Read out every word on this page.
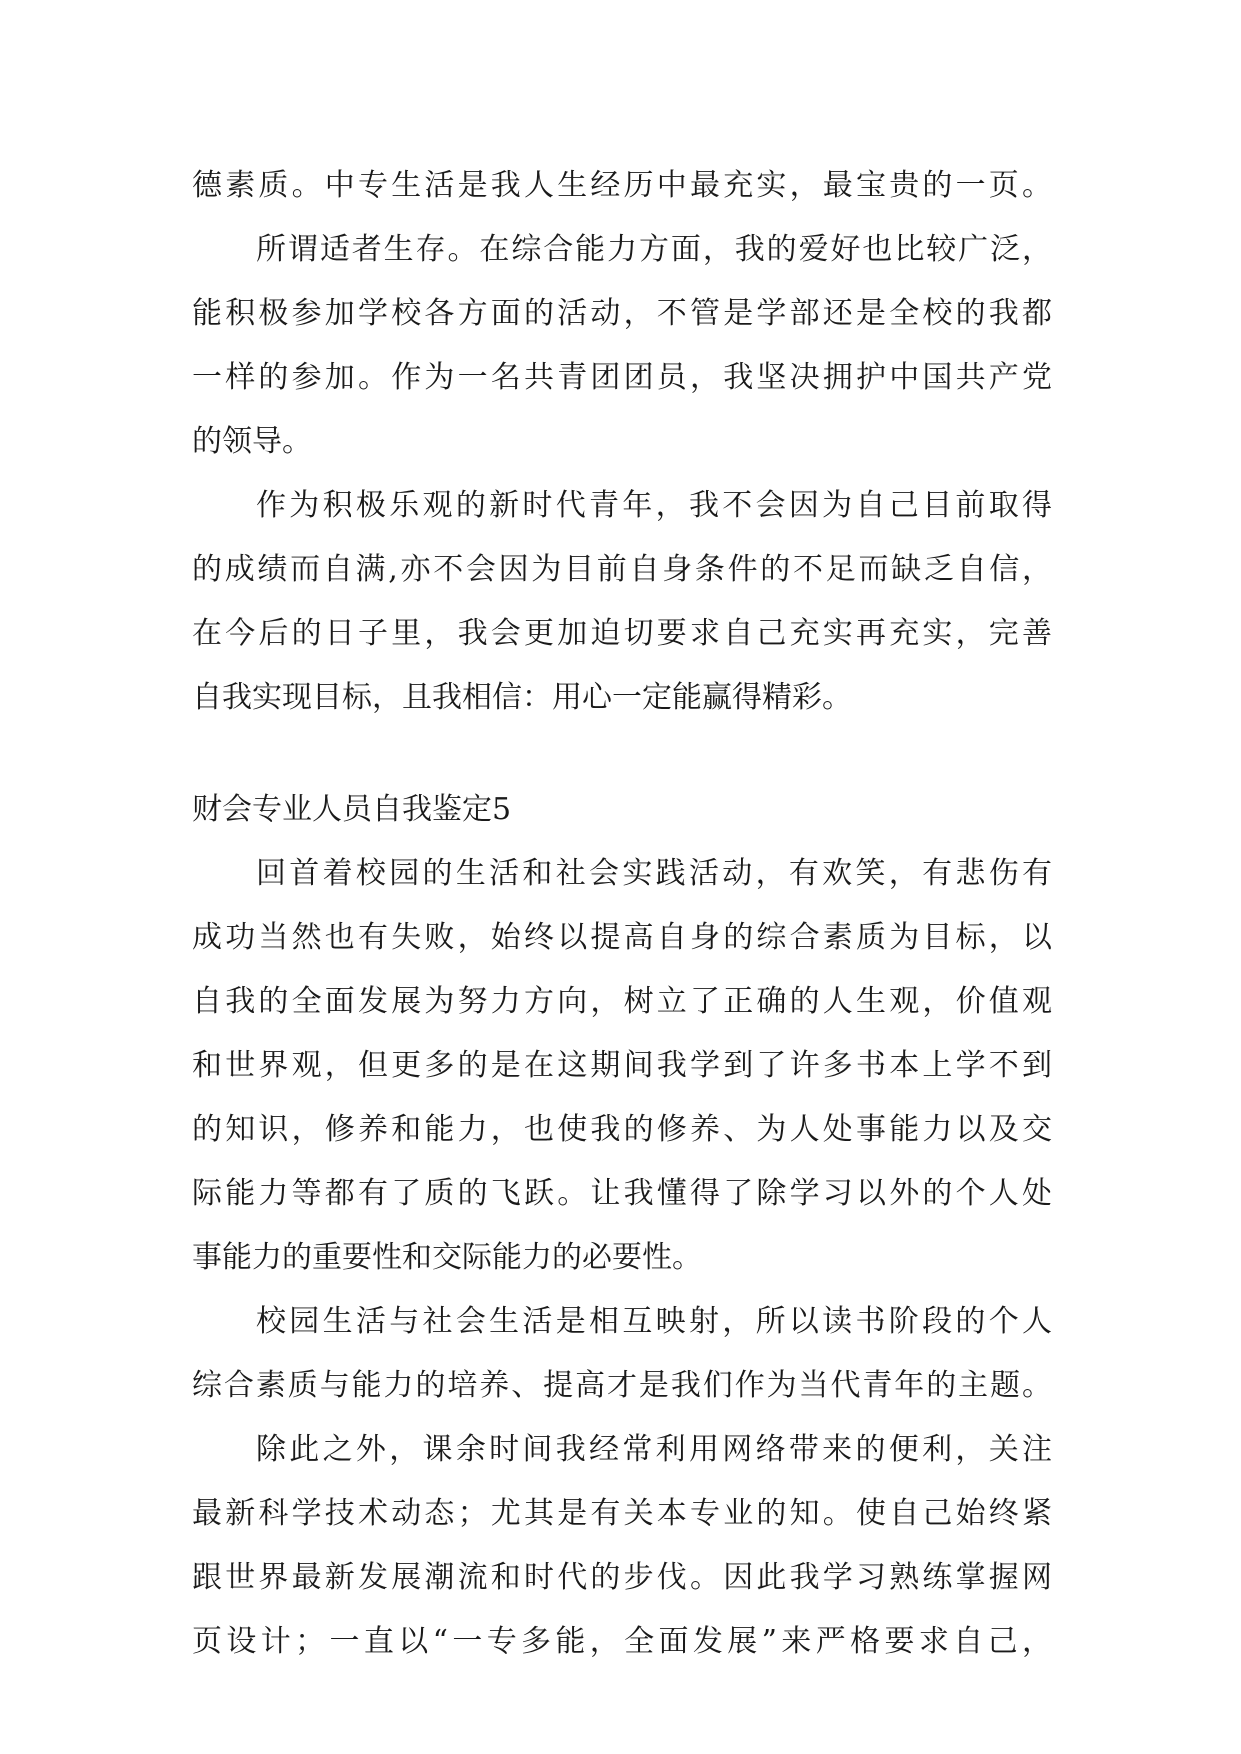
德素质。中专生活是我人生经历中最充实，最宝贵的一页。
所谓适者生存。在综合能力方面，我的爱好也比较广泛，
能积极参加学校各方面的活动，不管是学部还是全校的我都
一样的参加。作为一名共青团团员，我坚决拥护中国共产党
的领导。
作为积极乐观的新时代青年，我不会因为自己目前取得
的成绩而自满,亦不会因为目前自身条件的不足而缺乏自信，
在今后的日子里，我会更加迫切要求自己充实再充实，完善
自我实现目标，且我相信：用心一定能赢得精彩。
财会专业人员自我鉴定5
回首着校园的生活和社会实践活动，有欢笑，有悲伤有
成功当然也有失败，始终以提高自身的综合素质为目标，以
自我的全面发展为努力方向，树立了正确的人生观，价值观
和世界观，但更多的是在这期间我学到了许多书本上学不到
的知识，修养和能力，也使我的修养、为人处事能力以及交
际能力等都有了质的飞跃。让我懂得了除学习以外的个人处
事能力的重要性和交际能力的必要性。
校园生活与社会生活是相互映射，所以读书阶段的个人
综合素质与能力的培养、提高才是我们作为当代青年的主题。
除此之外，课余时间我经常利用网络带来的便利，关注
最新科学技术动态；尤其是有关本专业的知。使自己始终紧
跟世界最新发展潮流和时代的步伐。因此我学习熟练掌握网
页设计；一直以“一专多能，全面发展”来严格要求自己，
